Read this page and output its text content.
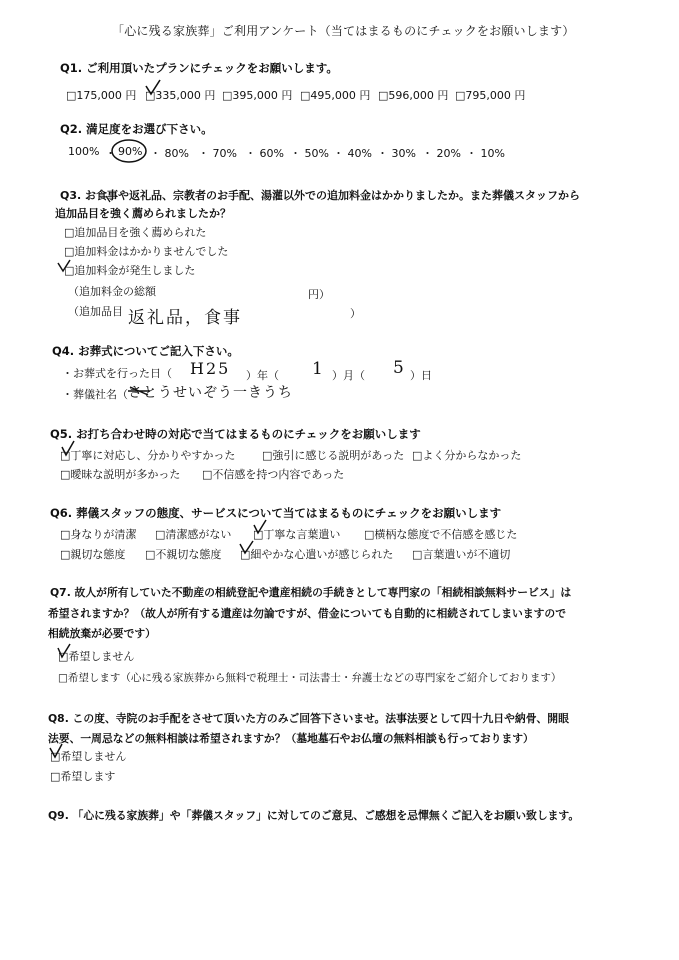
「心に残る家族葬」ご利用アンケート（当てはまるものにチェックをお願いします）
Q1. ご利用頂いたプランにチェックをお願いします。
□175,000 円 □335,000 円 □395,000 円 □495,000 円 □596,000 円 □795,000 円
Q2. 満足度をお選び下さい。
100% ・ 90% ・ 80% ・ 70% ・ 60% ・ 50% ・ 40% ・ 30% ・ 20% ・ 10%
Q3. お食事や返礼品、宗教者のお手配、湯灌以外での追加料金はかかりましたか。また葬儀スタッフから
追加品目を強く薦められましたか？
□追加品目を強く薦められた
□追加料金はかかりませんでした
□追加料金が発生しました
（追加料金の総額	円）
（追加品目 返礼品，食事	）
Q4. お葬式についてご記入下さい。
・お葬式を行った日（ H25 ）年（ 1 ）月（ 5 ）日
・葬儀社名（ さとうせいぞう一きうち
Q5. お打ち合わせ時の対応で当てはまるものにチェックをお願いします
□丁寧に対応し、分かりやすかった □強引に感じる説明があった □よく分からなかった
□曖昧な説明が多かった □不信感を持つ内容であった
Q6. 葬儀スタッフの態度、サービスについて当てはまるものにチェックをお願いします
□身なりが清潔 □清潔感がない □丁寧な言葉遣い □横柄な態度で不信感を感じた
□親切な態度 □不親切な態度 □細やかな心遣いが感じられた □言葉遣いが不適切
Q7. 故人が所有していた不動産の相続登記や遺産相続の手続きとして専門家の「相続相談無料サービス」は
希望されますか？（故人が所有する遺産は勿論ですが、借金についても自動的に相続されてしまいますので
相続放棄が必要です）
□希望しません
□希望します（心に残る家族葬から無料で税理士・司法書士・弁護士などの専門家をご紹介しております）
Q8. この度、寺院のお手配をさせて頂いた方のみご回答下さいませ。法事法要として四十九日や納骨、開眼
法要、一周忌などの無料相談は希望されますか？（墓地墓石やお仏壇の無料相談も行っております）
□希望しません
□希望します
Q9. 「心に残る家族葬」や「葬儀スタッフ」に対してのご意見、ご感想を忌憚無くご記入をお願い致します。
